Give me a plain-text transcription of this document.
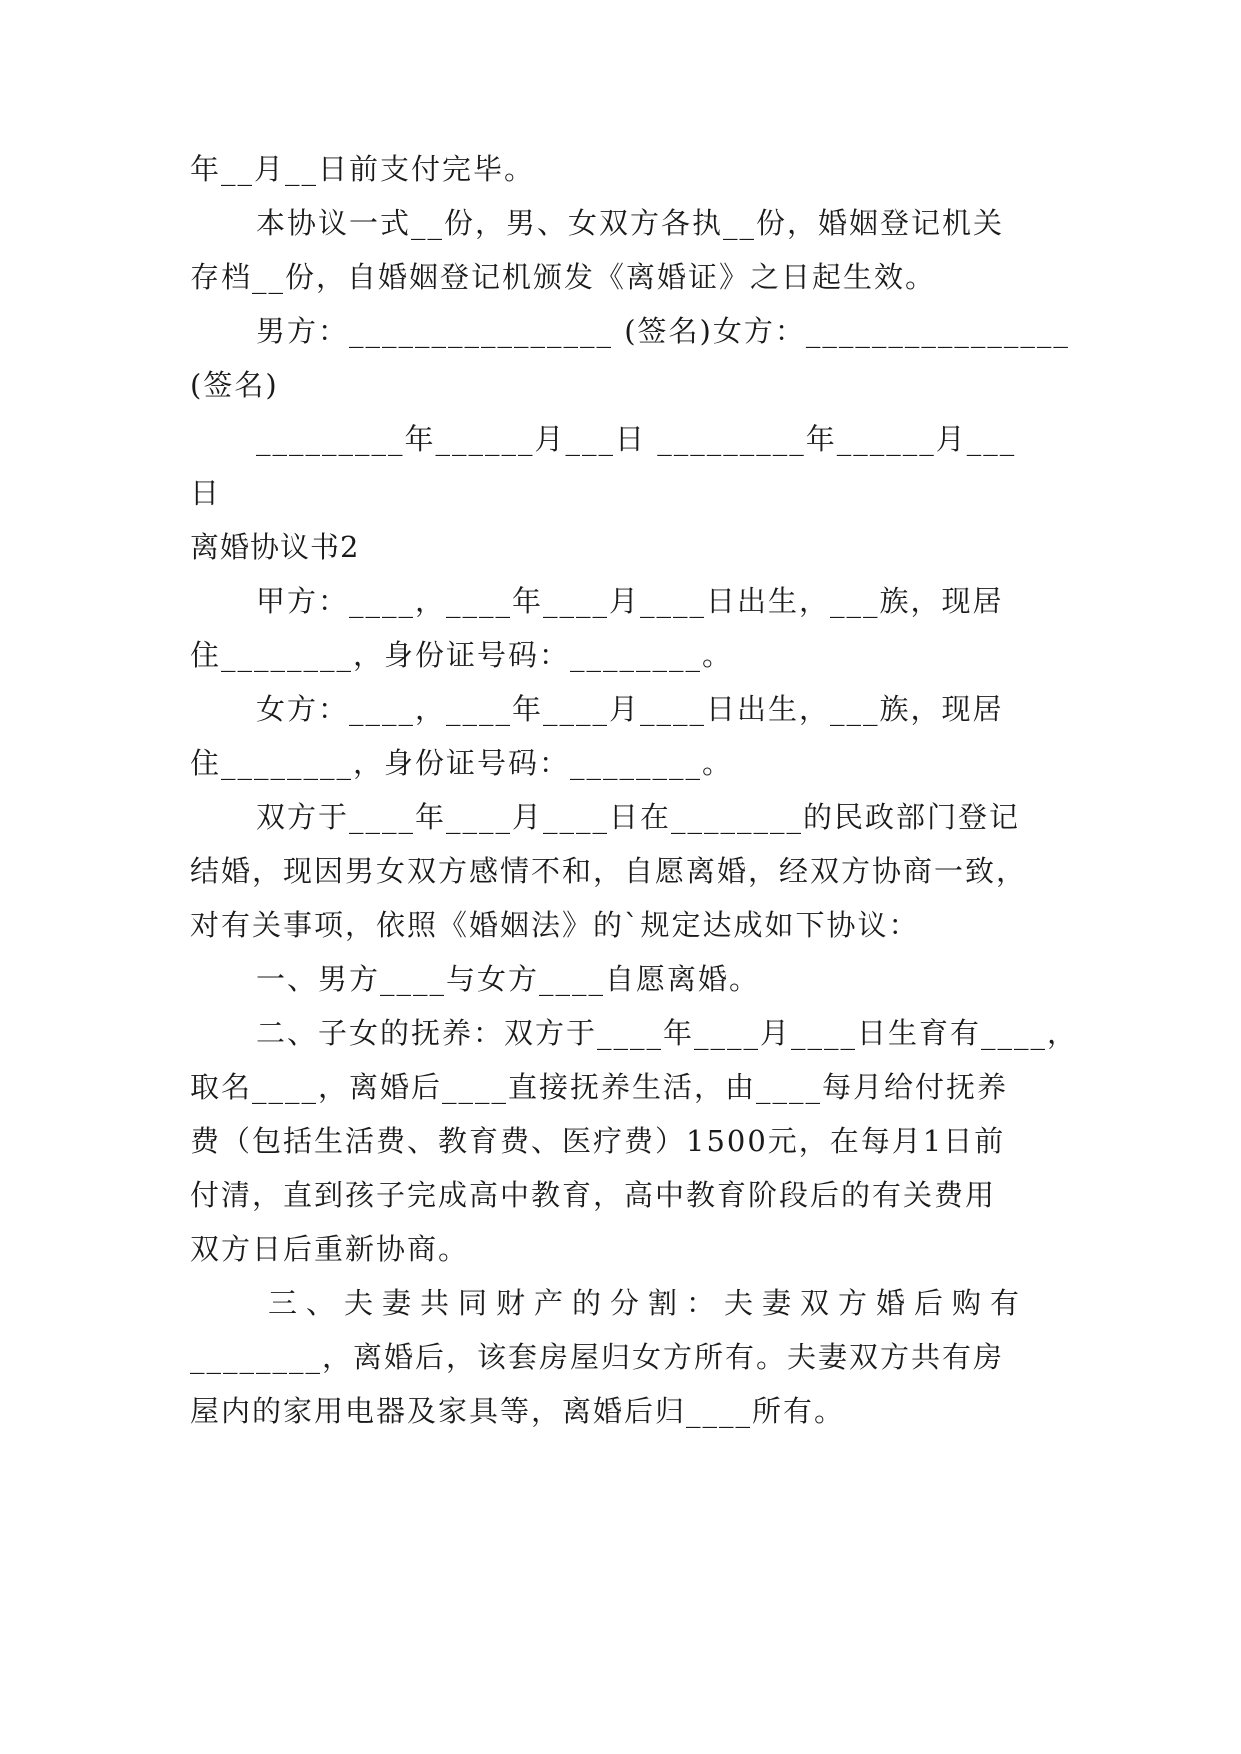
年__月__日前支付完毕。
本协议一式__份，男、女双方各执__份，婚姻登记机关
存档__份，自婚姻登记机颁发《离婚证》之日起生效。
男方：________________ (签名)女方：________________
(签名)
_________年______月___日 _________年______月___
日
离婚协议书2
甲方：____，____年____月____日出生，___族，现居
住________，身份证号码：________。
女方：____，____年____月____日出生，___族，现居
住________，身份证号码：________。
双方于____年____月____日在________的民政部门登记
结婚，现因男女双方感情不和，自愿离婚，经双方协商一致，
对有关事项，依照《婚姻法》的`规定达成如下协议：
一、男方____与女方____自愿离婚。
二、子女的抚养：双方于____年____月____日生育有____，
取名____，离婚后____直接抚养生活，由____每月给付抚养
费（包括生活费、教育费、医疗费）1500元，在每月1日前
付清，直到孩子完成高中教育，高中教育阶段后的有关费用
双方日后重新协商。
三、夫妻共同财产的分割：夫妻双方婚后购有
________，离婚后，该套房屋归女方所有。夫妻双方共有房
屋内的家用电器及家具等，离婚后归____所有。
